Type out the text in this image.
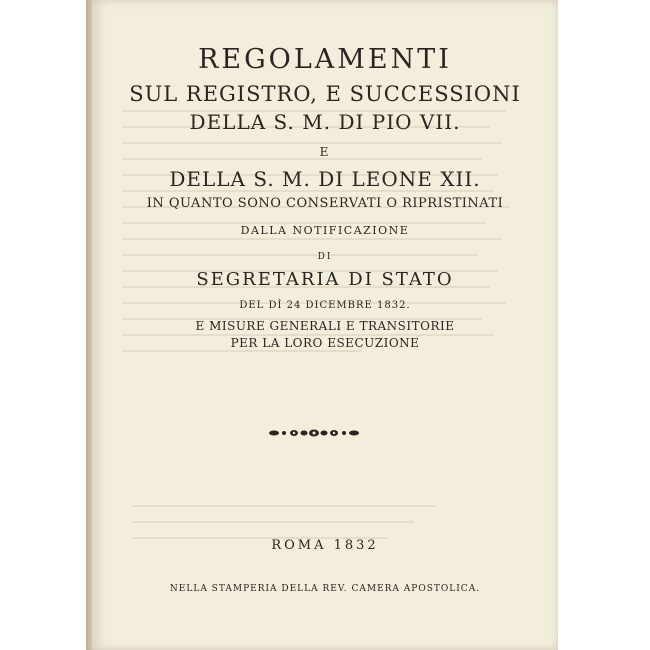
REGOLAMENTI
SUL REGISTRO, E SUCCESSIONI
DELLA S. M. DI PIO VII.
E
DELLA S. M. DI LEONE XII.
IN QUANTO SONO CONSERVATI O RIPRISTINATI
DALLA NOTIFICAZIONE
DI
SEGRETARIA DI STATO
DEL DÌ 24 DICEMBRE 1832.
E MISURE GENERALI E TRANSITORIE
PER LA LORO ESECUZIONE
ROMA 1832
NELLA STAMPERIA DELLA REV. CAMERA APOSTOLICA.
